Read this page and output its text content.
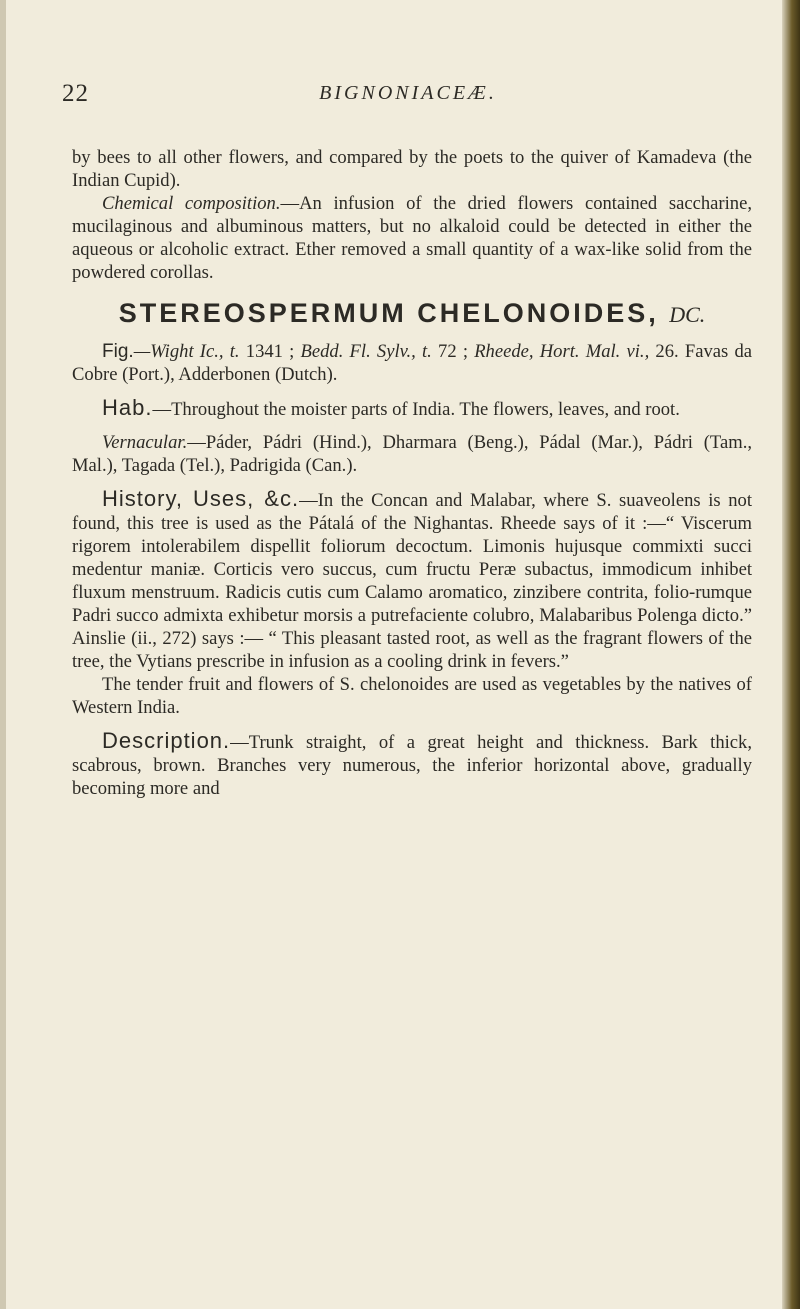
22	BIGNONIACEÆ.

by bees to all other flowers, and compared by the poets to the quiver of Kamadeva (the Indian Cupid).

Chemical composition.—An infusion of the dried flowers contained saccharine, mucilaginous and albuminous matters, but no alkaloid could be detected in either the aqueous or alcoholic extract. Ether removed a small quantity of a wax-like solid from the powdered corollas.

STEREOSPERMUM CHELONOIDES, DC.

Fig.—Wight Ic., t. 1341 ; Bedd. Fl. Sylv., t. 72 ; Rheede, Hort. Mal. vi., 26. Favas da Cobre (Port.), Adderbonen (Dutch).

Hab.—Throughout the moister parts of India. The flowers, leaves, and root.

Vernacular.—Páder, Pádri (Hind.), Dharmara (Beng.), Pádal (Mar.), Pádri (Tam., Mal.), Tagada (Tel.), Padrigida (Can.).

History, Uses, &c.—In the Concan and Malabar, where S. suaveolens is not found, this tree is used as the Pátalá of the Nighantas. Rheede says of it :—“ Viscerum rigorem intolerabilem dispellit foliorum decoctum. Limonis hujusque commixti succi medentur maniæ. Corticis vero succus, cum fructu Peræ subactus, immodicum inhibet fluxum menstruum. Radicis cutis cum Calamo aromatico, zinzibere contrita, folio-rumque Padri succo admixta exhibetur morsis a putrefaciente colubro, Malabaribus Polenga dicto.” Ainslie (ii., 272) says :— “ This pleasant tasted root, as well as the fragrant flowers of the tree, the Vytians prescribe in infusion as a cooling drink in fevers.”

The tender fruit and flowers of S. chelonoides are used as vegetables by the natives of Western India.

Description.—Trunk straight, of a great height and thickness. Bark thick, scabrous, brown. Branches very numerous, the inferior horizontal above, gradually becoming more and
